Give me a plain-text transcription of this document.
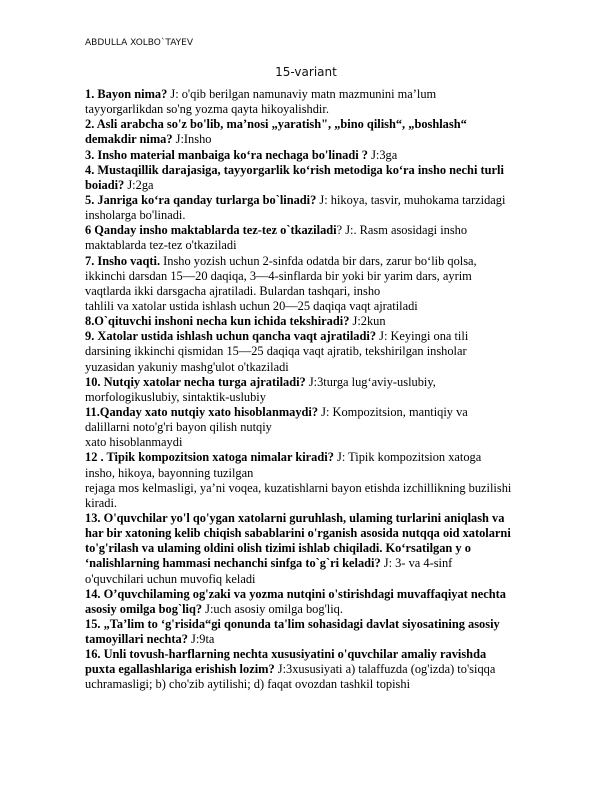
ABDULLA XOLBO`TAYEV
15-variant
1. Bayon nima? J: o'qib berilgan namunaviy matn mazmunini ma’lum
tayyorgarlikdan so'ng yozma qayta hikoyalishdir.
2. Asli arabcha so'z bo'lib, ma’nosi „yaratish", „bino qilish“, „boshlash“
demakdir nima? J:Insho
3. Insho material manbaiga koʻra nechaga bo'linadi ? J:3ga
4. Mustaqillik darajasiga, tayyorgarlik koʻrish metodiga koʻra insho nechi turli
boiadi? J:2ga
5. Janriga koʻra qanday turlarga bo`linadi? J: hikoya, tasvir, muhokama tarzidagi
insholarga bo'linadi.
6 Qanday insho maktablarda tez-tez o`tkaziladi? J:. Rasm asosidagi insho
maktablarda tez-tez o'tkaziladi
7. Insho vaqti. Insho yozish uchun 2-sinfda odatda bir dars, zarur boʻlib qolsa,
ikkinchi darsdan 15—20 daqiqa, 3—4-sinflarda bir yoki bir yarim dars, ayrim
vaqtlarda ikki darsgacha ajratiladi. Bulardan tashqari, insho
tahlili va xatolar ustida ishlash uchun 20—25 daqiqa vaqt ajratiladi
8.O`qituvchi inshoni necha kun ichida tekshiradi? J:2kun
9. Xatolar ustida ishlash uchun qancha vaqt ajratiladi? J: Keyingi ona tili
darsining ikkinchi qismidan 15—25 daqiqa vaqt ajratib, tekshirilgan insholar
yuzasidan yakuniy mashg'ulot o'tkaziladi
10. Nutqiy xatolar necha turga ajratiladi? J:3turga lug‘aviy-uslubiy,
morfologikuslubiy, sintaktik-uslubiy
11.Qanday xato nutqiy xato hisoblanmaydi? J: Kompozitsion, mantiqiy va
dalillarni noto'g'ri bayon qilish nutqiy
xato hisoblanmaydi
12 . Tipik kompozitsion xatoga nimalar kiradi? J: Tipik kompozitsion xatoga
insho, hikoya, bayonning tuzilgan
rejaga mos kelmasligi, ya’ni voqea, kuzatishlarni bayon etishda izchillikning buzilishi
kiradi.
13. O'quvchilar yo'l qo'ygan xatolarni guruhlash, ulaming turlarini aniqlash va
har bir xatoning kelib chiqish sabablarini o'rganish asosida nutqqa oid xatolarni
to'g'rilash va ulaming oldini olish tizimi ishlab chiqiladi. Koʻrsatilgan y o
‘nalishlarning hammasi nechanchi sinfga to`g`ri keladi? J: 3- va 4-sinf
o'quvchilari uchun muvofiq keladi
14. O’quvchilaming og'zaki va yozma nutqini o'stirishdagi muvaffaqiyat nechta
asosiy omilga bog`liq? J:uch asosiy omilga bog'liq.
15. „Ta’lim to ‘g'risida“gi qonunda ta'lim sohasidagi davlat siyosatining asosiy
tamoyillari nechta? J:9ta
16. Unli tovush-harflarning nechta xususiyatini o'quvchilar amaliy ravishda
puxta egallashlariga erishish lozim? J:3xususiyati a) talaffuzda (og'izda) to'siqqa
uchramasligi; b) cho'zib aytilishi; d) faqat ovozdan tashkil topishi
